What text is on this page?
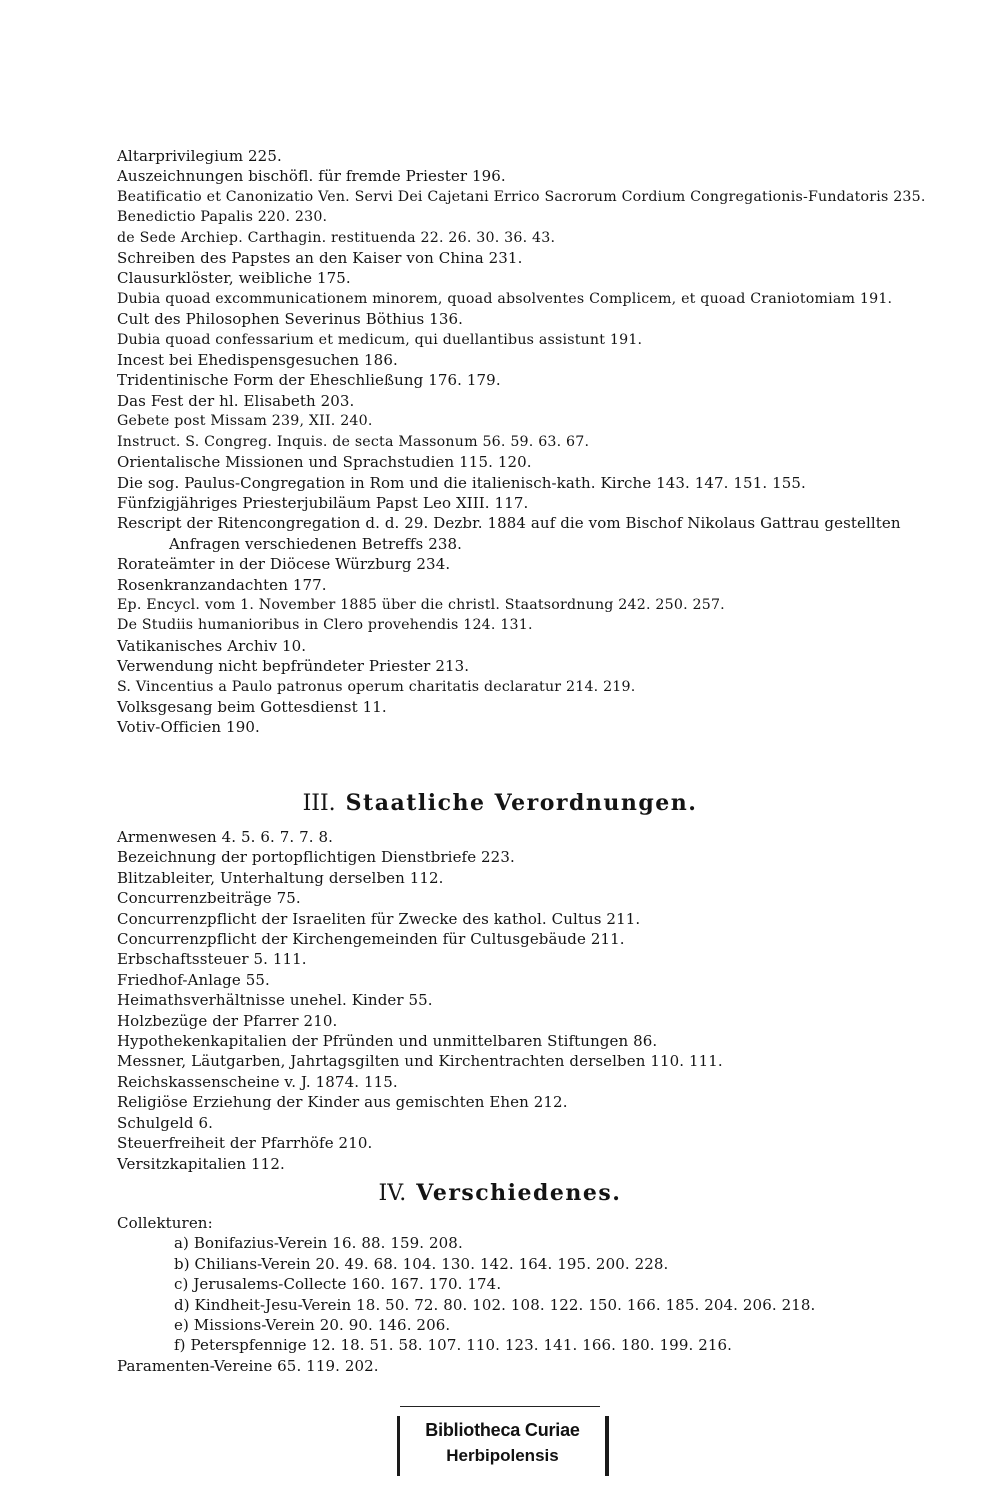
Altarprivilegium 225.

Auszeichnungen bischöfl. für fremde Priester 196.

Beatificatio et Canonizatio Ven. Servi Dei Cajetani Errico Sacrorum Cordium Congregationis-Fundatoris 235.

Benedictio Papalis 220. 230.

de Sede Archiep. Carthagin. restituenda 22. 26. 30. 36. 43.

Schreiben des Papstes an den Kaiser von China 231.

Clausurklöster, weibliche 175.

Dubia quoad excommunicationem minorem, quoad absolventes Complicem, et quoad Craniotomiam 191.

Cult des Philosophen Severinus Böthius 136.

Dubia quoad confessarium et medicum, qui duellantibus assistunt 191.

Incest bei Ehedispensgesuchen 186.

Tridentinische Form der Eheschließung 176. 179.

Das Fest der hl. Elisabeth 203.

Gebete post Missam 239, XII. 240.

Instruct. S. Congreg. Inquis. de secta Massonum 56. 59. 63. 67.

Orientalische Missionen und Sprachstudien 115. 120.

Die sog. Paulus-Congregation in Rom und die italienisch-kath. Kirche 143. 147. 151. 155.

Fünfzigjähriges Priesterjubiläum Papst Leo XIII. 117.

Rescript der Ritencongregation d. d. 29. Dezbr. 1884 auf die vom Bischof Nikolaus Gattrau gestellten Anfragen verschiedenen Betreffs 238.

Rorateämter in der Diöcese Würzburg 234.

Rosenkranzandachten 177.

Ep. Encycl. vom 1. November 1885 über die christl. Staatsordnung 242. 250. 257.

De Studiis humanioribus in Clero provehendis 124. 131.

Vatikanisches Archiv 10.

Verwendung nicht bepfründeter Priester 213.

S. Vincentius a Paulo patronus operum charitatis declaratur 214. 219.

Volksgesang beim Gottesdienst 11.

Votiv-Officien 190.

III. Staatliche Verordnungen.

Armenwesen 4. 5. 6. 7. 7. 8.

Bezeichnung der portopflichtigen Dienstbriefe 223.

Blitzableiter, Unterhaltung derselben 112.

Concurrenzbeiträge 75.

Concurrenzpflicht der Israeliten für Zwecke des kathol. Cultus 211.

Concurrenzpflicht der Kirchengemeinden für Cultusgebäude 211.

Erbschaftssteuer 5. 111.

Friedhof-Anlage 55.

Heimathsverhältnisse unehel. Kinder 55.

Holzbezüge der Pfarrer 210.

Hypothekenkapitalien der Pfründen und unmittelbaren Stiftungen 86.

Messner, Läutgarben, Jahrtagsgilten und Kirchentrachten derselben 110. 111.

Reichskassenscheine v. J. 1874. 115.

Religiöse Erziehung der Kinder aus gemischten Ehen 212.

Schulgeld 6.

Steuerfreiheit der Pfarrhöfe 210.

Versitzkapitalien 112.

IV. Verschiedenes.

Collekturen:

a) Bonifazius-Verein 16. 88. 159. 208.

b) Chilians-Verein 20. 49. 68. 104. 130. 142. 164. 195. 200. 228.

c) Jerusalems-Collecte 160. 167. 170. 174.

d) Kindheit-Jesu-Verein 18. 50. 72. 80. 102. 108. 122. 150. 166. 185. 204. 206. 218.

e) Missions-Verein 20. 90. 146. 206.

f) Peterspfennige 12. 18. 51. 58. 107. 110. 123. 141. 166. 180. 199. 216.

Paramenten-Vereine 65. 119. 202.

Bibliotheca Curiae
Herbipolensis
